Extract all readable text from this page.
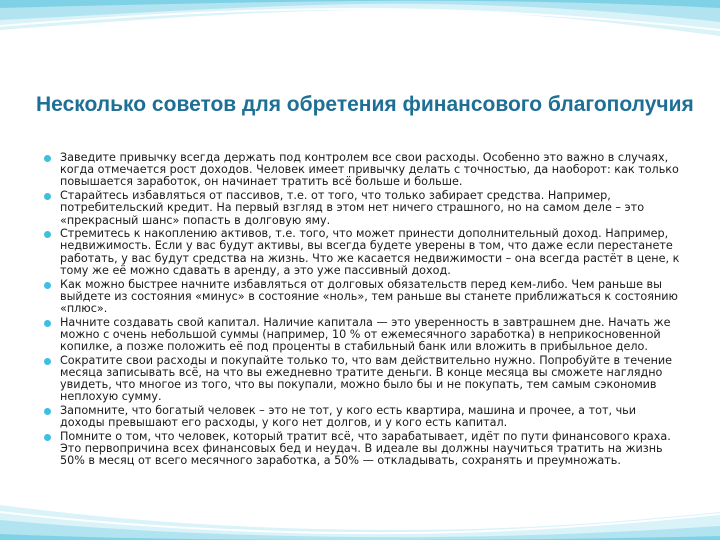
Несколько советов для обретения финансового благополучия
Заведите привычку всегда держать под контролем все свои расходы. Особенно это важно в случаях, когда отмечается рост доходов. Человек имеет привычку делать с точностью, да наоборот: как только повышается заработок, он начинает тратить всё больше и больше.
Старайтесь избавляться от пассивов, т.е. от того, что только забирает средства. Например, потребительский кредит. На первый взгляд в этом нет ничего страшного, но на самом деле – это «прекрасный шанс» попасть в долговую яму.
Стремитесь к накоплению активов, т.е. того, что может принести дополнительный доход. Например, недвижимость. Если у вас будут активы, вы всегда будете уверены в том, что даже если перестанете работать, у вас будут средства на жизнь. Что же касается недвижимости – она всегда растёт в цене, к тому же её можно сдавать в аренду, а это уже пассивный доход.
Как можно быстрее начните избавляться от долговых обязательств перед кем-либо. Чем раньше вы выйдете из состояния «минус» в состояние «ноль», тем раньше вы станете приближаться к состоянию «плюс».
Начните создавать свой капитал. Наличие капитала — это уверенность в завтрашнем дне. Начать же можно с очень небольшой суммы (например, 10 % от ежемесячного заработка) в неприкосновенной копилке, а позже положить её под проценты в стабильный банк или вложить в прибыльное дело.
Сократите свои расходы и покупайте только то, что вам действительно нужно. Попробуйте в течение месяца записывать всё, на что вы ежедневно тратите деньги. В конце месяца вы сможете наглядно увидеть, что многое из того, что вы покупали, можно было бы и не покупать, тем самым сэкономив неплохую сумму.
Запомните, что богатый человек – это не тот, у кого есть квартира, машина и прочее, а тот, чьи доходы превышают его расходы, у кого нет долгов, и у кого есть капитал.
Помните о том, что человек, который тратит всё, что зарабатывает, идёт по пути финансового краха. Это первопричина всех финансовых бед и неудач. В идеале вы должны научиться тратить на жизнь 50% в месяц от всего месячного заработка, а 50% — откладывать, сохранять и преумножать.
